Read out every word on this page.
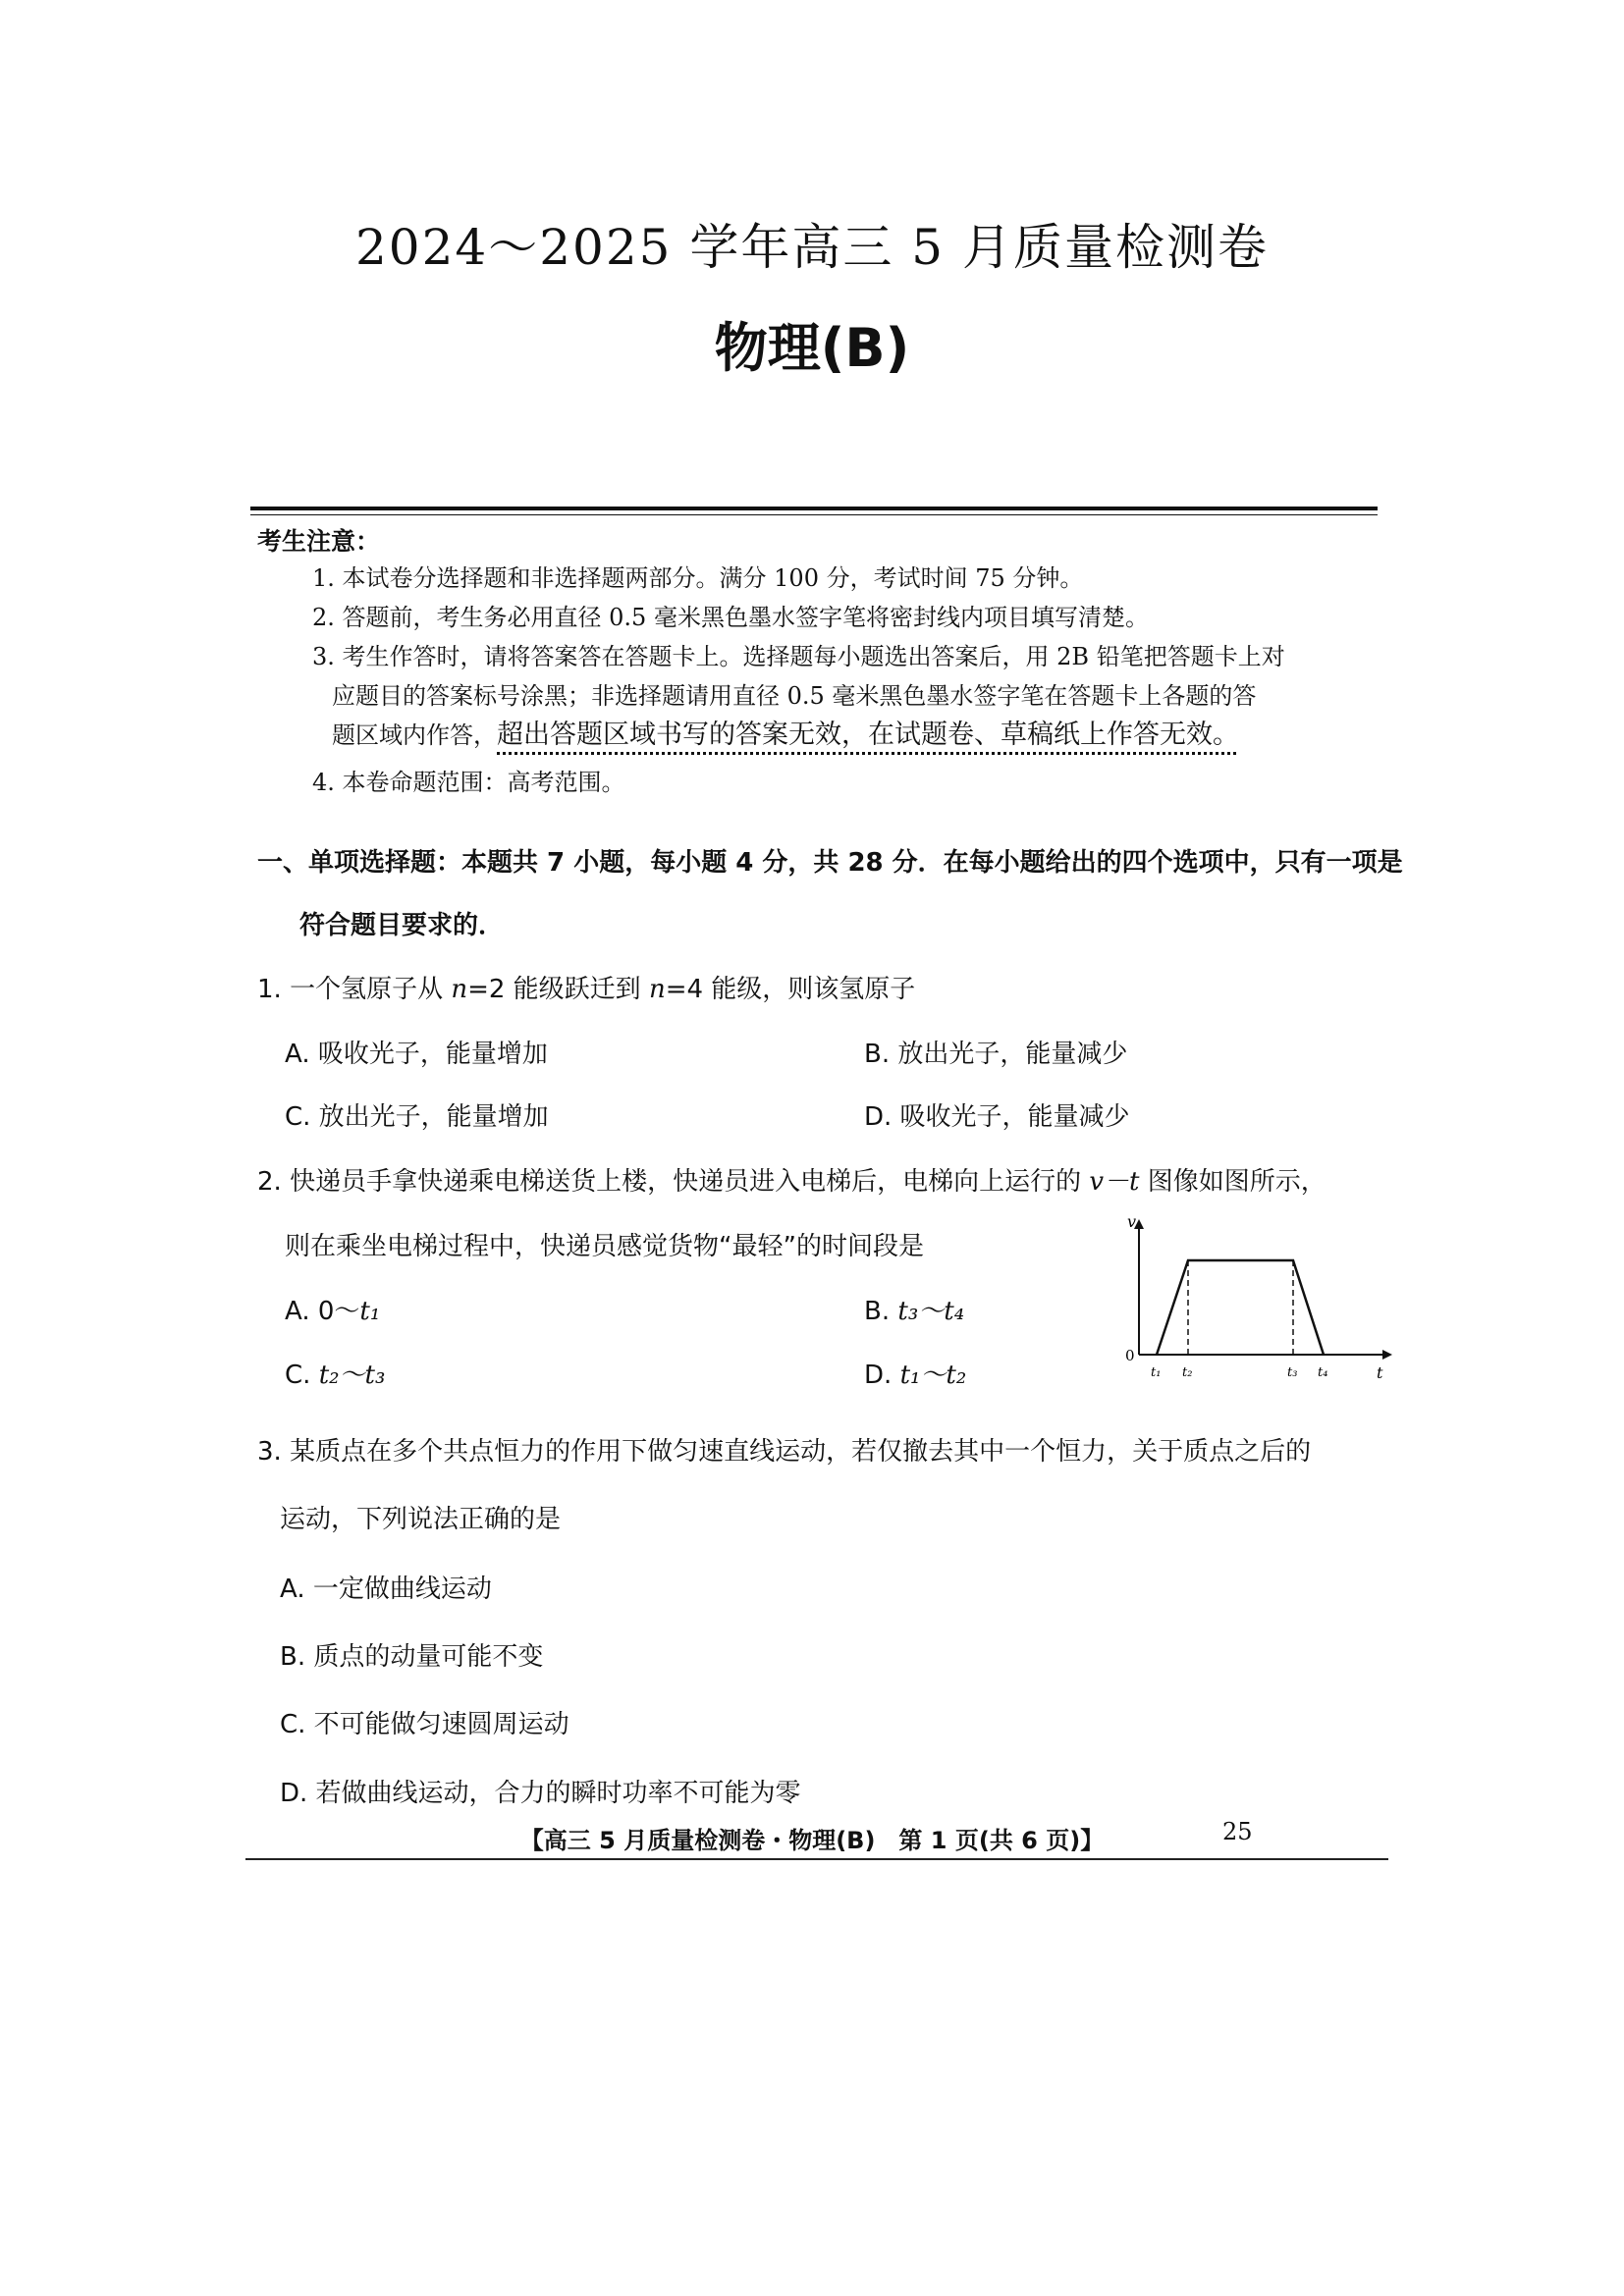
2024～2025 学年高三 5 月质量检测卷
物理(B)
考生注意：
1. 本试卷分选择题和非选择题两部分。满分 100 分，考试时间 75 分钟。
2. 答题前，考生务必用直径 0.5 毫米黑色墨水签字笔将密封线内项目填写清楚。
3. 考生作答时，请将答案答在答题卡上。选择题每小题选出答案后，用 2B 铅笔把答题卡上对
应题目的答案标号涂黑；非选择题请用直径 0.5 毫米黑色墨水签字笔在答题卡上各题的答
题区域内作答，超出答题区域书写的答案无效，在试题卷、草稿纸上作答无效。
4. 本卷命题范围：高考范围。
一、单项选择题：本题共 7 小题，每小题 4 分，共 28 分．在每小题给出的四个选项中，只有一项是
符合题目要求的．
1. 一个氢原子从 n=2 能级跃迁到 n=4 能级，则该氢原子
A. 吸收光子，能量增加	B. 放出光子，能量减少
C. 放出光子，能量增加	D. 吸收光子，能量减少
2. 快递员手拿快递乘电梯送货上楼，快递员进入电梯后，电梯向上运行的 v－t 图像如图所示，
则在乘坐电梯过程中，快递员感觉货物“最轻”的时间段是
A. 0～t₁	B. t₃～t₄
C. t₂～t₃	D. t₁～t₂
v
0
t
t₁ t₂	t₃ t₄
3. 某质点在多个共点恒力的作用下做匀速直线运动，若仅撤去其中一个恒力，关于质点之后的
运动，下列说法正确的是
A. 一定做曲线运动
B. 质点的动量可能不变
C. 不可能做匀速圆周运动
D. 若做曲线运动，合力的瞬时功率不可能为零
【高三 5 月质量检测卷・物理(B)　第 1 页(共 6 页)】	25
